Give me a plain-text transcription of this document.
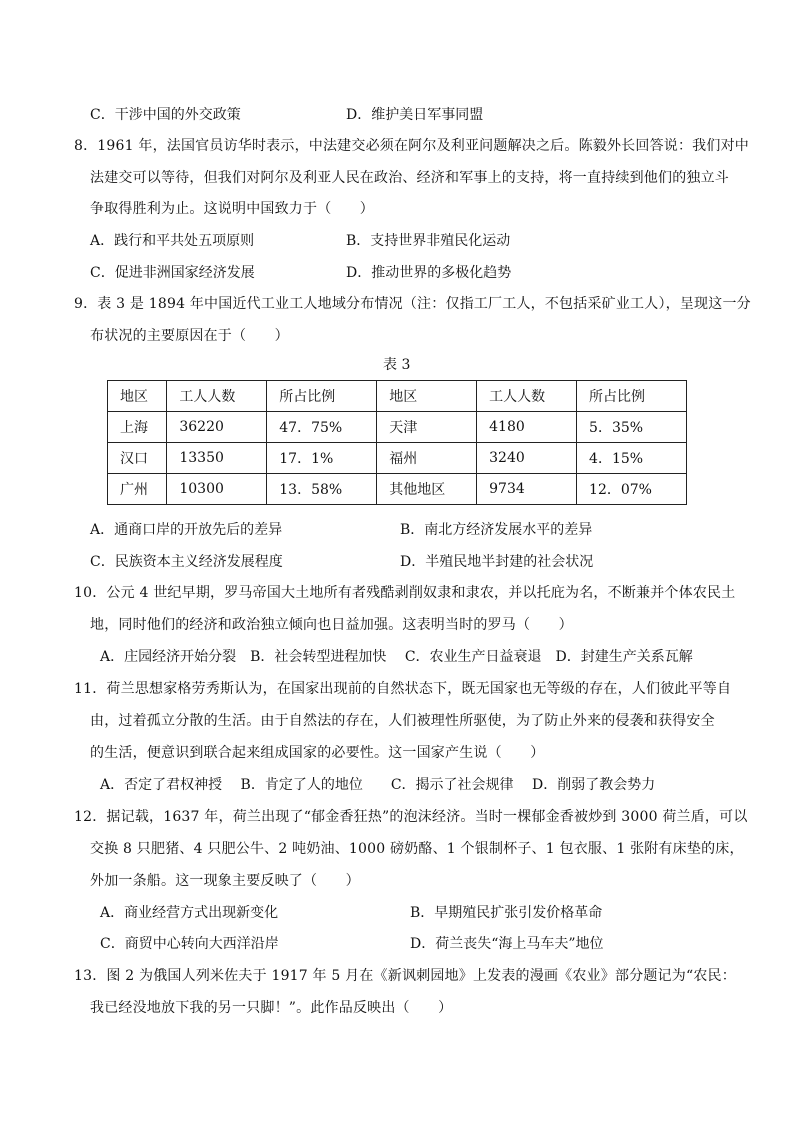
C．干涉中国的外交政策	D．维护美日军事同盟
8．1961 年，法国官员访华时表示，中法建交必须在阿尔及利亚问题解决之后。陈毅外长回答说：我们对中
法建交可以等待，但我们对阿尔及利亚人民在政治、经济和军事上的支持，将一直持续到他们的独立斗
争取得胜利为止。这说明中国致力于（　　）
A．践行和平共处五项原则	B．支持世界非殖民化运动
C．促进非洲国家经济发展	D．推动世界的多极化趋势
9．表 3 是 1894 年中国近代工业工人地域分布情况（注：仅指工厂工人，不包括采矿业工人），呈现这一分
布状况的主要原因在于（　　）
表 3
地区	工人人数	所占比例	地区	工人人数	所占比例
上海	36220	47．75%	天津	4180	5．35%
汉口	13350	17．1%	福州	3240	4．15%
广州	10300	13．58%	其他地区	9734	12．07%
A．通商口岸的开放先后的差异	B．南北方经济发展水平的差异
C．民族资本主义经济发展程度	D．半殖民地半封建的社会状况
10．公元 4 世纪早期，罗马帝国大土地所有者残酷剥削奴隶和隶农，并以托庇为名，不断兼并个体农民土
地，同时他们的经济和政治独立倾向也日益加强。这表明当时的罗马（　　）
A．庄园经济开始分裂　B．社会转型进程加快　 C．农业生产日益衰退　D．封建生产关系瓦解
11．荷兰思想家格劳秀斯认为，在国家出现前的自然状态下，既无国家也无等级的存在，人们彼此平等自
由，过着孤立分散的生活。由于自然法的存在，人们被理性所驱使，为了防止外来的侵袭和获得安全
的生活，便意识到联合起来组成国家的必要性。这一国家产生说（　　）
A．否定了君权神授　 B．肯定了人的地位　　C．揭示了社会规律　 D．削弱了教会势力
12．据记载，1637 年，荷兰出现了“郁金香狂热”的泡沫经济。当时一棵郁金香被炒到 3000 荷兰盾，可以
交换 8 只肥猪、4 只肥公牛、2 吨奶油、1000 磅奶酪、1 个银制杯子、1 包衣服、1 张附有床垫的床，
外加一条船。这一现象主要反映了（　　）
A．商业经营方式出现新变化	B．早期殖民扩张引发价格革命
C．商贸中心转向大西洋沿岸	D．荷兰丧失“海上马车夫”地位
13．图 2 为俄国人列米佐夫于 1917 年 5 月在《新讽刺园地》上发表的漫画《农业》部分题记为“农民：
我已经没地放下我的另一只脚！”。此作品反映出（　　）
